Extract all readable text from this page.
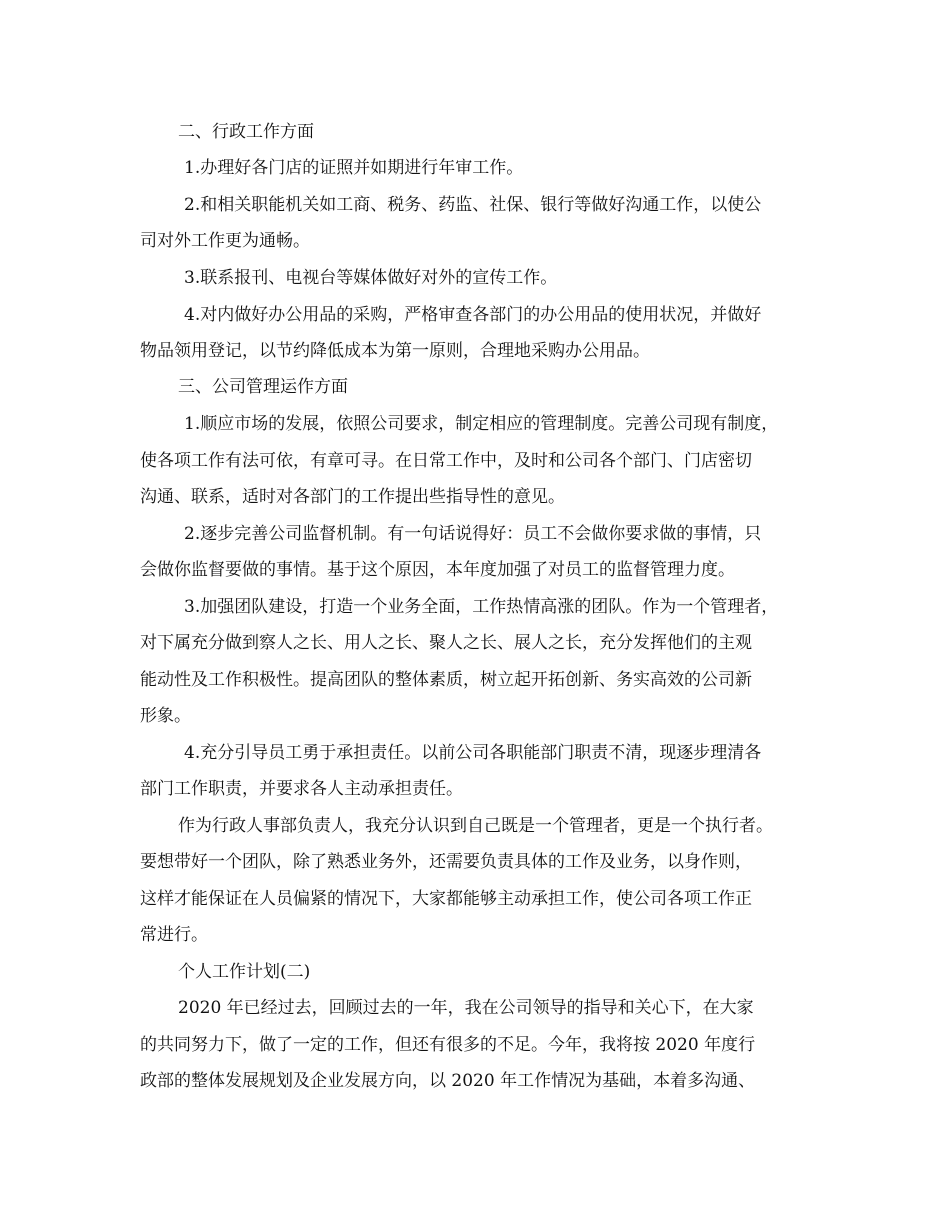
二、行政工作方面
1.办理好各门店的证照并如期进行年审工作。
2.和相关职能机关如工商、税务、药监、社保、银行等做好沟通工作，以使公
司对外工作更为通畅。
3.联系报刊、电视台等媒体做好对外的宣传工作。
4.对内做好办公用品的采购，严格审查各部门的办公用品的使用状况，并做好
物品领用登记，以节约降低成本为第一原则，合理地采购办公用品。
三、公司管理运作方面
1.顺应市场的发展，依照公司要求，制定相应的管理制度。完善公司现有制度，
使各项工作有法可依，有章可寻。在日常工作中，及时和公司各个部门、门店密切
沟通、联系，适时对各部门的工作提出些指导性的意见。
2.逐步完善公司监督机制。有一句话说得好：员工不会做你要求做的事情，只
会做你监督要做的事情。基于这个原因，本年度加强了对员工的监督管理力度。
3.加强团队建设，打造一个业务全面，工作热情高涨的团队。作为一个管理者，
对下属充分做到察人之长、用人之长、聚人之长、展人之长，充分发挥他们的主观
能动性及工作积极性。提高团队的整体素质，树立起开拓创新、务实高效的公司新
形象。
4.充分引导员工勇于承担责任。以前公司各职能部门职责不清，现逐步理清各
部门工作职责，并要求各人主动承担责任。
作为行政人事部负责人，我充分认识到自己既是一个管理者，更是一个执行者。
要想带好一个团队，除了熟悉业务外，还需要负责具体的工作及业务，以身作则，
这样才能保证在人员偏紧的情况下，大家都能够主动承担工作，使公司各项工作正
常进行。
个人工作计划(二)
2020 年已经过去，回顾过去的一年，我在公司领导的指导和关心下，在大家
的共同努力下，做了一定的工作，但还有很多的不足。今年，我将按 2020 年度行
政部的整体发展规划及企业发展方向，以 2020 年工作情况为基础，本着多沟通、
